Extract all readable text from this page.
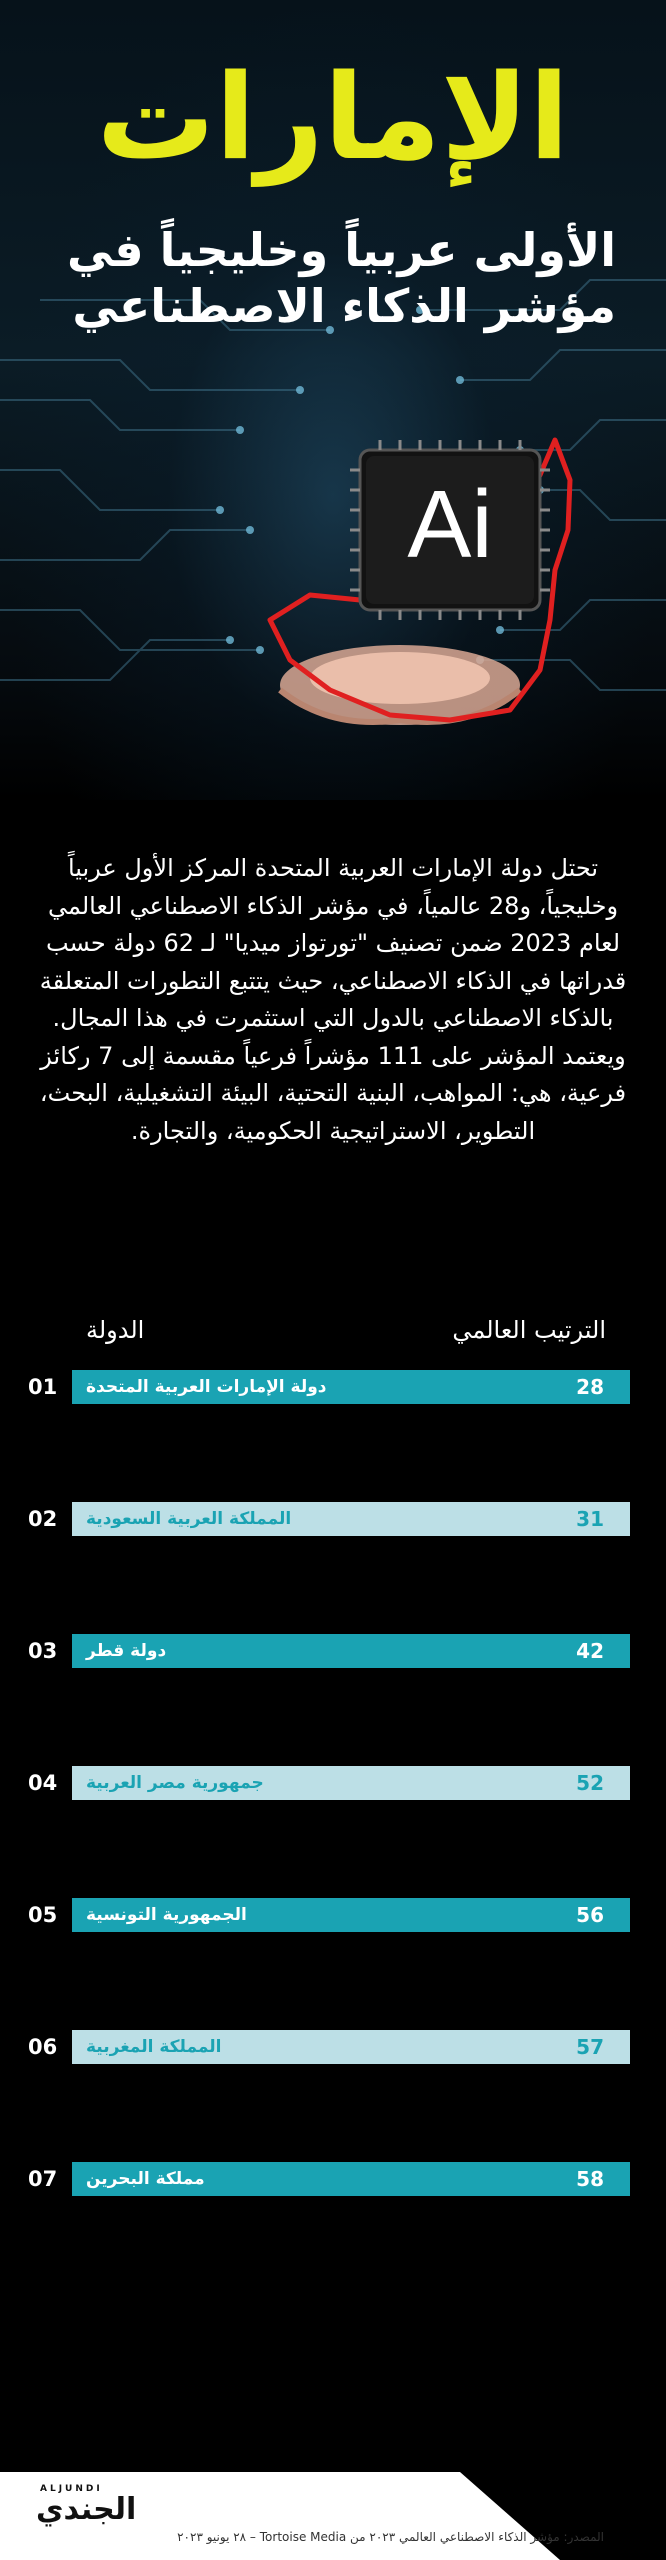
الإمارات
الأولى عربياً وخليجياً في مؤشر الذكاء الاصطناعي
Ai
تحتل دولة الإمارات العربية المتحدة المركز الأول عربياً وخليجياً، و28 عالمياً، في مؤشر الذكاء الاصطناعي العالمي لعام 2023 ضمن تصنيف "تورتواز ميديا" لـ 62 دولة حسب قدراتها في الذكاء الاصطناعي، حيث يتتبع التطورات المتعلقة بالذكاء الاصطناعي بالدول التي استثمرت في هذا المجال. ويعتمد المؤشر على 111 مؤشراً فرعياً مقسمة إلى 7 ركائز فرعية، هي: المواهب، البنية التحتية، البيئة التشغيلية، البحث، التطوير، الاستراتيجية الحكومية، والتجارة.
الترتيب العالمي
الدولة
01	دولة الإمارات العربية المتحدة	28
02	المملكة العربية السعودية	31
03	دولة قطر	42
04	جمهورية مصر العربية	52
05	الجمهورية التونسية	56
06	المملكة المغربية	57
07	مملكة البحرين	58
ALJUNDI
الجندي
المصدر: مؤشر الذكاء الاصطناعي العالمي ٢٠٢٣ من Tortoise Media – ٢٨ يونيو ٢٠٢٣
